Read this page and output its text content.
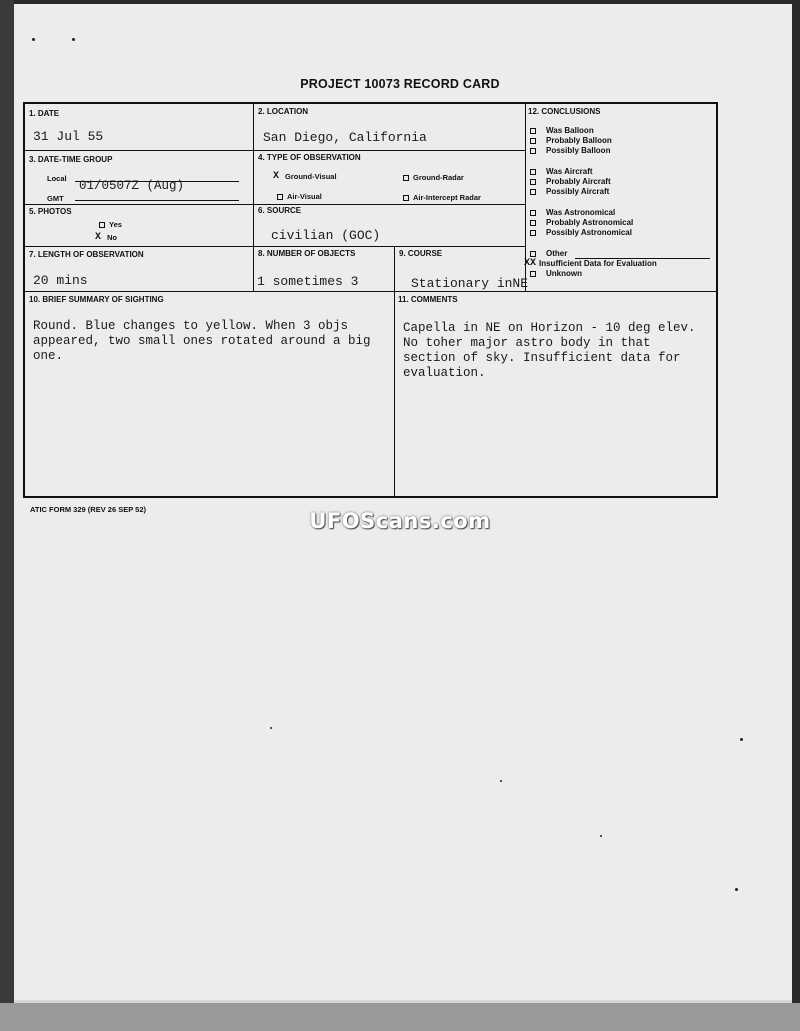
PROJECT 10073 RECORD CARD
1. DATE
31 Jul 55
2. LOCATION
San Diego, California
3. DATE-TIME GROUP
Local
GMT
01/0507Z (Aug)
4. TYPE OF OBSERVATION
X Ground-Visual	Ground-Radar
Air-Visual	Air-Intercept Radar
5. PHOTOS
Yes
X No
6. SOURCE
civilian (GOC)
7. LENGTH OF OBSERVATION
20 mins
8. NUMBER OF OBJECTS
1 sometimes 3
9. COURSE
Stationary inNE
10. BRIEF SUMMARY OF SIGHTING
Round. Blue changes to yellow. When 3 objs
appeared, two small ones rotated around a big
one.
11. COMMENTS
Capella in NE on Horizon - 10 deg elev.
No toher major astro body in that
section of sky. Insufficient data for
evaluation.
12. CONCLUSIONS
Was Balloon
Probably Balloon
Possibly Balloon
Was Aircraft
Probably Aircraft
Possibly Aircraft
Was Astronomical
Probably Astronomical
Possibly Astronomical
Other
XX Insufficient Data for Evaluation
Unknown
ATIC FORM 329 (REV 26 SEP 52)	UFOScans.com
